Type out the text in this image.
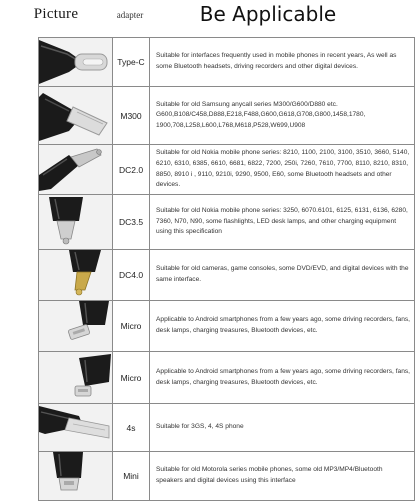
Picture	adapter	Be Applicable
	Type-C	Suitable for interfaces frequently used in mobile phones in recent years, As well as some Bluetooth headsets, driving recorders and other digital devices.

	M300	Suitable for old Samsung anycall series M300/G600/D880 etc. G600,B108/C458,D888,E218,F488,G600,G618,G708,G800,1458,1780, 1900,708,L258,L600,L768,M618,P528,W699,U908

	DC2.0	Suitable for old Nokia mobile phone series: 8210, 1100, 2100, 3100, 3510, 3660, 5140, 6210, 6310, 6385, 6610, 6681, 6822, 7200, 250i, 7260, 7610, 7700, 8110, 8210, 8310, 8850, 8910 i , 9110, 9210i, 9290, 9500, E60, some Bluetooth headsets and other devices.

	DC3.5	Suitable for old Nokia mobile phone series: 3250, 6070.6101, 6125, 6131, 6136, 6280, 7360, N70, N90, some flashlights, LED desk lamps, and other charging equipment using this specification

	DC4.0	Suitable for old cameras, game consoles, some DVD/EVD, and digital devices with the same interface.

	Micro	Applicable to Android smartphones from a few years ago, some driving recorders, fans, desk lamps, charging treasures, Bluetooth devices, etc.

	Micro	Applicable to Android smartphones from a few years ago, some driving recorders, fans, desk lamps, charging treasures, Bluetooth devices, etc.

	4s	Suitable for 3GS, 4, 4S phone

	Mini	Suitable for old Motorola series mobile phones, some old MP3/MP4/Bluetooth speakers and digital devices using this interface
